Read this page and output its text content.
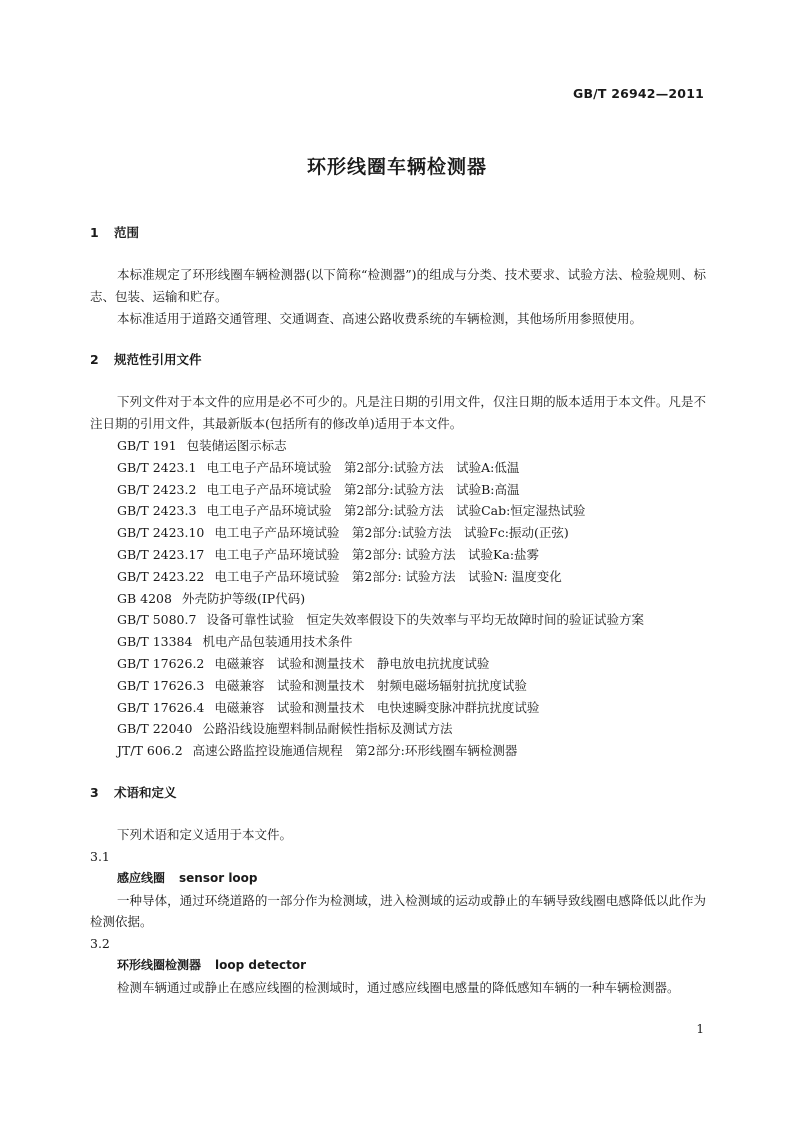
GB/T 26942—2011
环形线圈车辆检测器
1 范围

本标准规定了环形线圈车辆检测器(以下简称“检测器”)的组成与分类、技术要求、试验方法、检验规则、标志、包装、运输和贮存。

本标准适用于道路交通管理、交通调查、高速公路收费系统的车辆检测，其他场所用参照使用。

2 规范性引用文件

下列文件对于本文件的应用是必不可少的。凡是注日期的引用文件，仅注日期的版本适用于本文件。凡是不注日期的引用文件，其最新版本(包括所有的修改单)适用于本文件。

GB/T 191 包装储运图示标志
GB/T 2423.1 电工电子产品环境试验　第2部分:试验方法　试验A:低温
GB/T 2423.2 电工电子产品环境试验　第2部分:试验方法　试验B:高温
GB/T 2423.3 电工电子产品环境试验　第2部分:试验方法　试验Cab:恒定湿热试验
GB/T 2423.10 电工电子产品环境试验　第2部分:试验方法　试验Fc:振动(正弦)
GB/T 2423.17 电工电子产品环境试验　第2部分: 试验方法　试验Ka:盐雾
GB/T 2423.22 电工电子产品环境试验　第2部分: 试验方法　试验N: 温度变化
GB 4208 外壳防护等级(IP代码)
GB/T 5080.7 设备可靠性试验　恒定失效率假设下的失效率与平均无故障时间的验证试验方案
GB/T 13384 机电产品包装通用技术条件
GB/T 17626.2 电磁兼容　试验和测量技术　静电放电抗扰度试验
GB/T 17626.3 电磁兼容　试验和测量技术　射频电磁场辐射抗扰度试验
GB/T 17626.4 电磁兼容　试验和测量技术　电快速瞬变脉冲群抗扰度试验
GB/T 22040 公路沿线设施塑料制品耐候性指标及测试方法
JT/T 606.2 高速公路监控设施通信规程　第2部分:环形线圈车辆检测器
3 术语和定义

下列术语和定义适用于本文件。

3.1
感应线圈 sensor loop

一种导体，通过环绕道路的一部分作为检测域，进入检测域的运动或静止的车辆导致线圈电感降低以此作为检测依据。

3.2
环形线圈检测器 loop detector

检测车辆通过或静止在感应线圈的检测域时，通过感应线圈电感量的降低感知车辆的一种车辆检测器。

1
